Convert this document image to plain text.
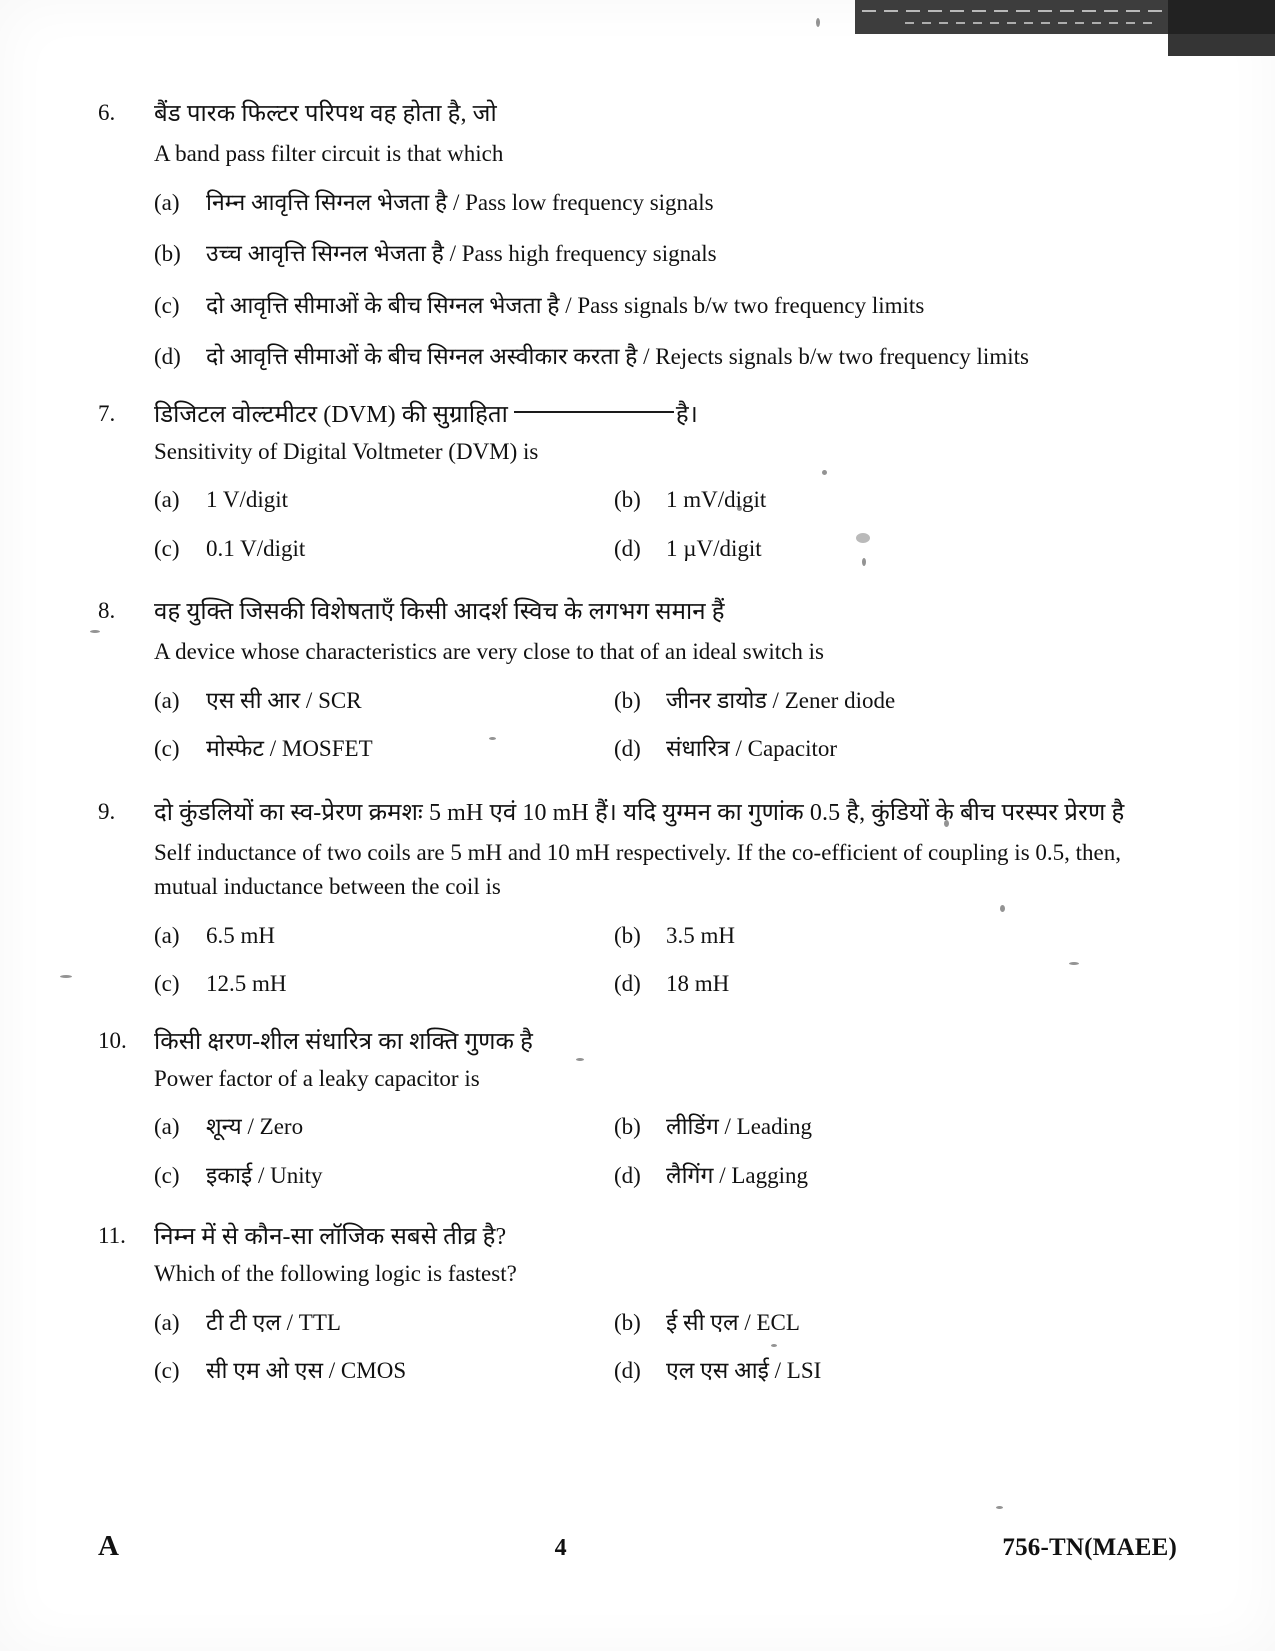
6.	बैंड पारक फिल्टर परिपथ वह होता है, जो
A band pass filter circuit is that which
(a)	निम्न आवृत्ति सिग्नल भेजता है / Pass low frequency signals
(b)	उच्च आवृत्ति सिग्नल भेजता है / Pass high frequency signals
(c)	दो आवृत्ति सीमाओं के बीच सिग्नल भेजता है / Pass signals b/w two frequency limits
(d)	दो आवृत्ति सीमाओं के बीच सिग्नल अस्वीकार करता है / Rejects signals b/w two frequency limits
7.	डिजिटल वोल्टमीटर (DVM) की सुग्राहिता	है।
Sensitivity of Digital Voltmeter (DVM) is
(a)	1 V/digit	(b)	1 mV/digit
(c)	0.1 V/digit	(d)	1 µV/digit
8.	वह युक्ति जिसकी विशेषताएँ किसी आदर्श स्विच के लगभग समान हैं
A device whose characteristics are very close to that of an ideal switch is
(a)	एस सी आर / SCR	(b)	जीनर डायोड / Zener diode
(c)	मोस्फेट / MOSFET	(d)	संधारित्र / Capacitor
9.	दो कुंडलियों का स्व-प्रेरण क्रमशः 5 mH एवं 10 mH हैं। यदि युग्मन का गुणांक 0.5 है, कुंडियों के बीच परस्पर प्रेरण है
Self inductance of two coils are 5 mH and 10 mH respectively. If the co-efficient of coupling is 0.5, then, mutual inductance between the coil is
(a)	6.5 mH	(b)	3.5 mH
(c)	12.5 mH	(d)	18 mH
10.	किसी क्षरण-शील संधारित्र का शक्ति गुणक है
Power factor of a leaky capacitor is
(a)	शून्य / Zero	(b)	लीडिंग / Leading
(c)	इकाई / Unity	(d)	लैगिंग / Lagging
11.	निम्न में से कौन-सा लॉजिक सबसे तीव्र है?
Which of the following logic is fastest?
(a)	टी टी एल / TTL	(b)	ई सी एल / ECL
(c)	सी एम ओ एस / CMOS	(d)	एल एस आई / LSI
A	4	756-TN(MAEE)
